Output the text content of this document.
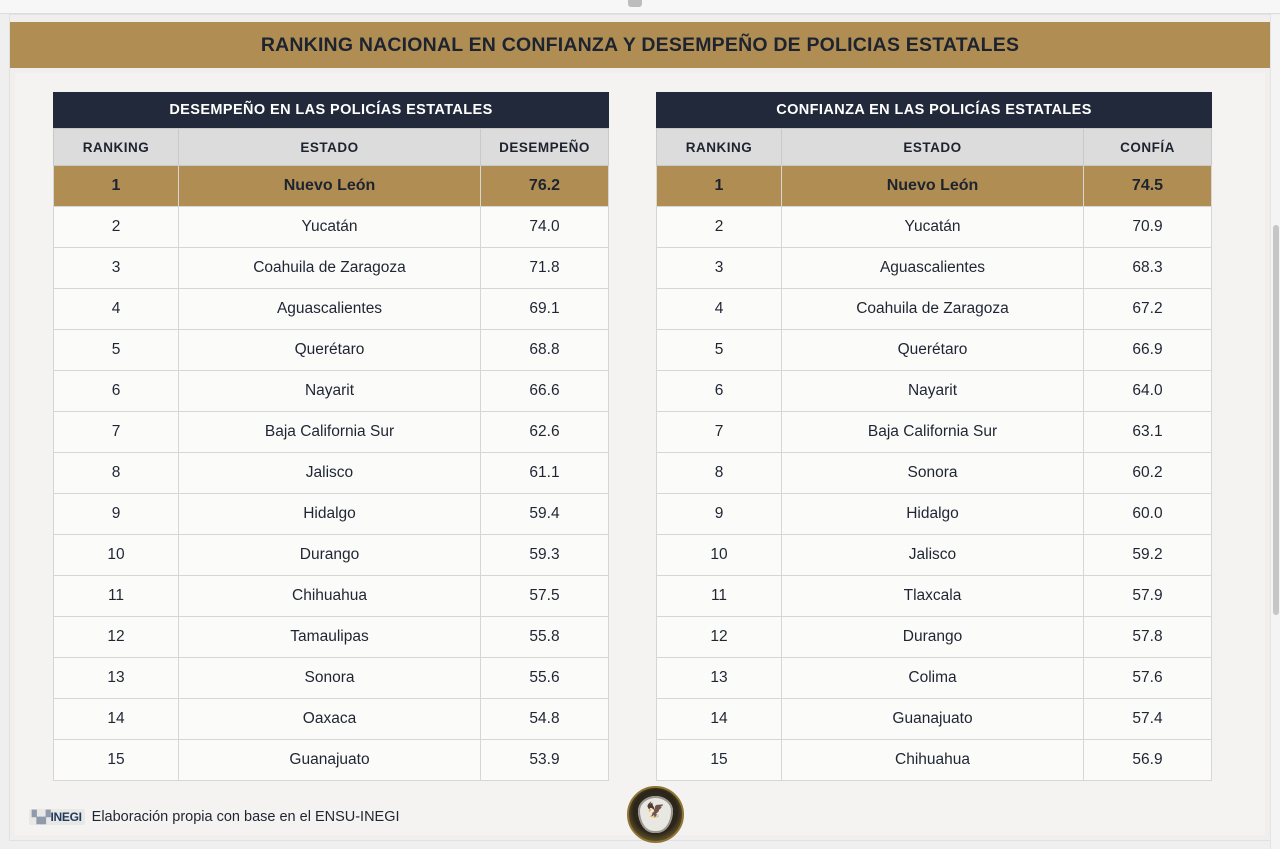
RANKING NACIONAL EN CONFIANZA Y DESEMPEÑO DE POLICIAS ESTATALES
DESEMPEÑO EN LAS POLICÍAS ESTATALES
RANKING	ESTADO	DESEMPEÑO
1	Nuevo León	76.2
2	Yucatán	74.0
3	Coahuila de Zaragoza	71.8
4	Aguascalientes	69.1
5	Querétaro	68.8
6	Nayarit	66.6
7	Baja California Sur	62.6
8	Jalisco	61.1
9	Hidalgo	59.4
10	Durango	59.3
11	Chihuahua	57.5
12	Tamaulipas	55.8
13	Sonora	55.6
14	Oaxaca	54.8
15	Guanajuato	53.9
CONFIANZA EN LAS POLICÍAS ESTATALES
RANKING	ESTADO	CONFÍA
1	Nuevo León	74.5
2	Yucatán	70.9
3	Aguascalientes	68.3
4	Coahuila de Zaragoza	67.2
5	Querétaro	66.9
6	Nayarit	64.0
7	Baja California Sur	63.1
8	Sonora	60.2
9	Hidalgo	60.0
10	Jalisco	59.2
11	Tlaxcala	57.9
12	Durango	57.8
13	Colima	57.6
14	Guanajuato	57.4
15	Chihuahua	56.9
🦅
▚▞INEGI Elaboración propia con base en el ENSU-INEGI
